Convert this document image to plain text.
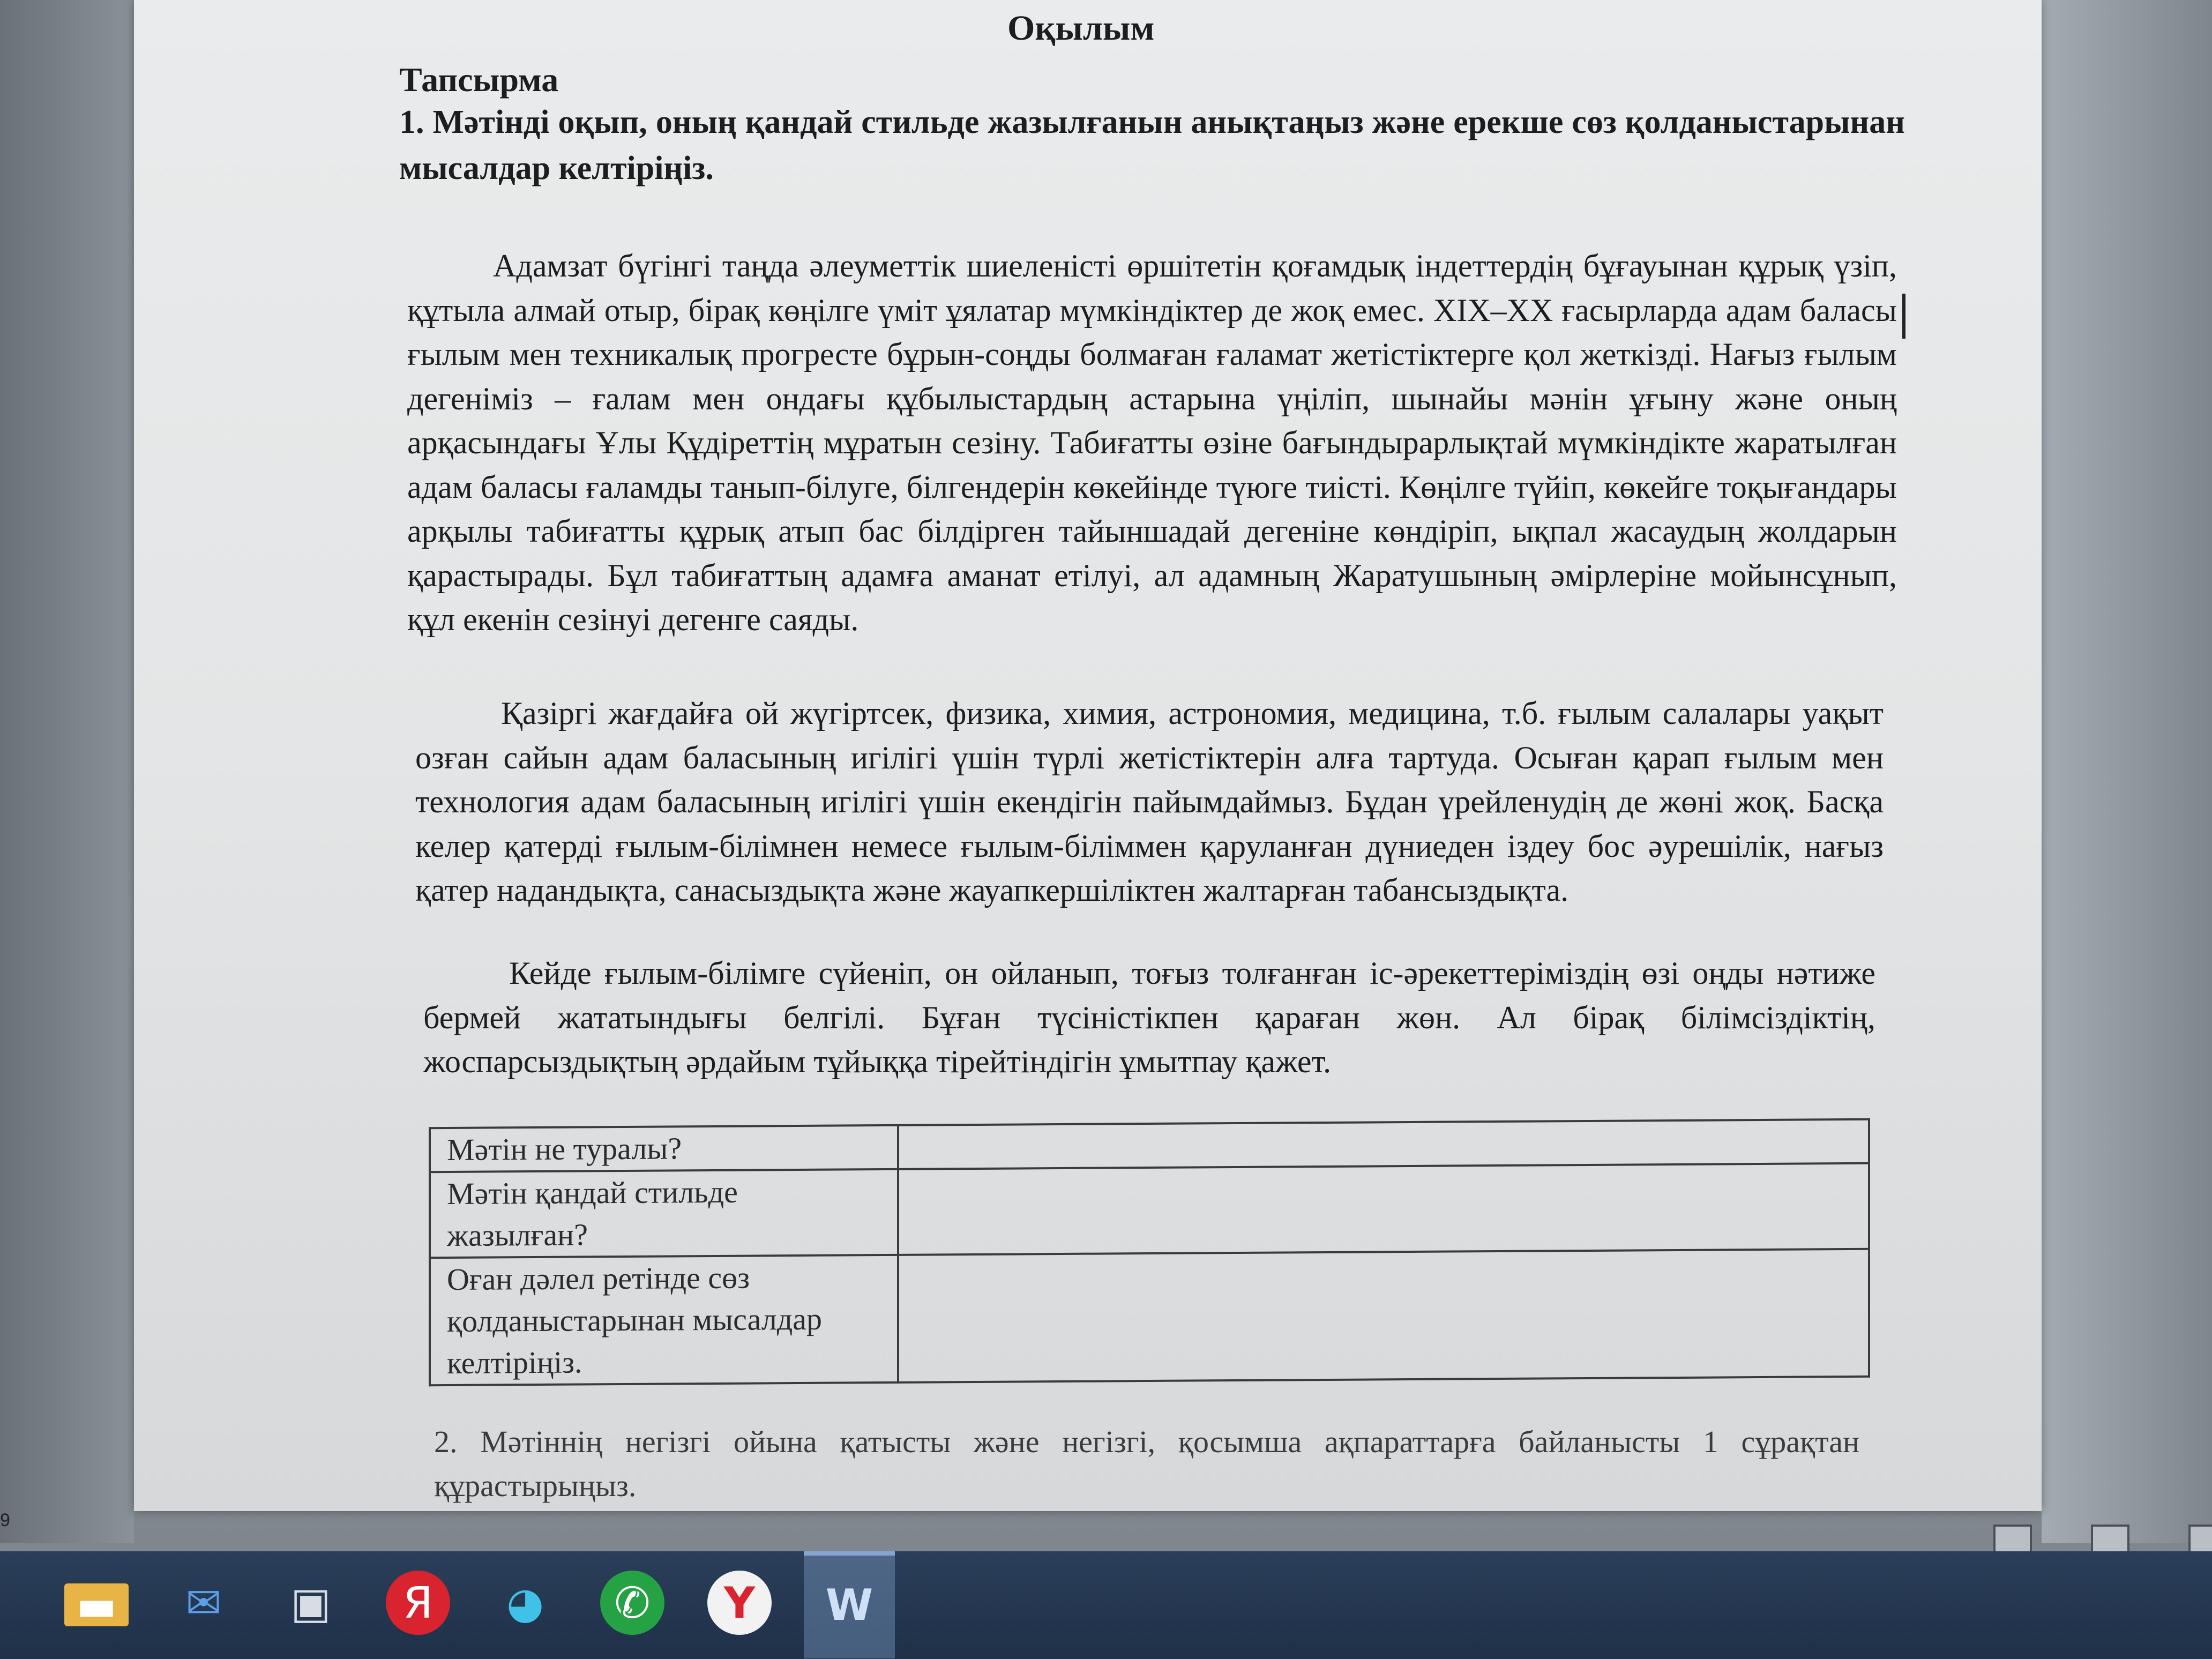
Оқылым
Тапсырма
1. Мәтінді оқып, оның қандай стильде жазылғанын анықтаңыз және ерекше сөз қолданыстарынан мысалдар келтіріңіз.
Адамзат бүгінгі таңда әлеуметтік шиеленісті өршітетін қоғамдық індеттердің бұғауынан құрық үзіп, құтыла алмай отыр, бірақ көңілге үміт ұялатар мүмкіндіктер де жоқ емес. XIX–XX ғасырларда адам баласы ғылым мен техникалық прогресте бұрын-соңды болмаған ғаламат жетістіктерге қол жеткізді. Нағыз ғылым дегеніміз – ғалам мен ондағы құбылыстардың астарына үңіліп, шынайы мәнін ұғыну және оның арқасындағы Ұлы Құдіреттің мұратын сезіну. Табиғатты өзіне бағындырарлықтай мүмкіндікте жаратылған адам баласы ғаламды танып-білуге, білгендерін көкейінде түюге тиісті. Көңілге түйіп, көкейге тоқығандары арқылы табиғатты құрық атып бас білдірген тайыншадай дегеніне көндіріп, ықпал жасаудың жолдарын қарастырады. Бұл табиғаттың адамға аманат етілуі, ал адамның Жаратушының әмірлеріне мойынсұнып, құл екенін сезінуі дегенге саяды.
Қазіргі жағдайға ой жүгіртсек, физика, химия, астрономия, медицина, т.б. ғылым салалары уақыт озған сайын адам баласының игілігі үшін түрлі жетістіктерін алға тартуда. Осыған қарап ғылым мен технология адам баласының игілігі үшін екендігін пайымдаймыз. Бұдан үрейленудің де жөні жоқ. Басқа келер қатерді ғылым-білімнен немесе ғылым-біліммен қаруланған дүниеден іздеу бос әурешілік, нағыз қатер надандықта, санасыздықта және жауапкершіліктен жалтарған табансыздықта.
Кейде ғылым-білімге сүйеніп, он ойланып, тоғыз толғанған іс-әрекеттеріміздің өзі оңды нәтиже бермей жататындығы белгілі. Бұған түсіністікпен қараған жөн. Ал бірақ білімсіздіктің, жоспарсыздықтың әрдайым тұйыққа тірейтіндігін ұмытпау қажет.
Мәтін не туралы?	
Мәтін қандай стильде жазылған?	
Оған дәлел ретінде сөз қолданыстарынан мысалдар келтіріңіз.	
2. Мәтіннің негізгі ойына қатысты және негізгі, қосымша ақпараттарға байланысты 1 сұрақтан құрастырыңыз.
9
▬	✉	▣	Я	◕	✆	Y	W
